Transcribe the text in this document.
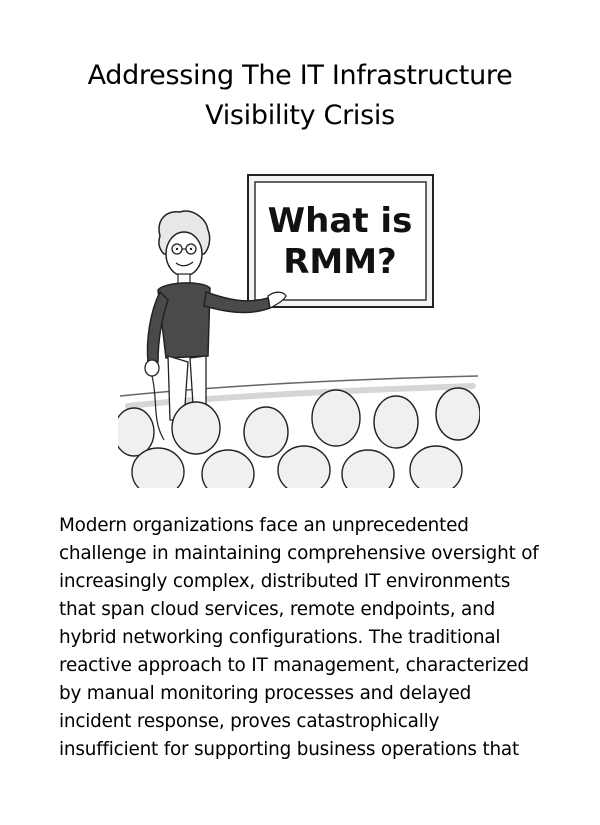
Addressing The IT Infrastructure
Visibility Crisis
What is
RMM?

Modern organizations face an unprecedented
challenge in maintaining comprehensive oversight of
increasingly complex, distributed IT environments
that span cloud services, remote endpoints, and
hybrid networking configurations. The traditional
reactive approach to IT management, characterized
by manual monitoring processes and delayed
incident response, proves catastrophically
insufficient for supporting business operations that
